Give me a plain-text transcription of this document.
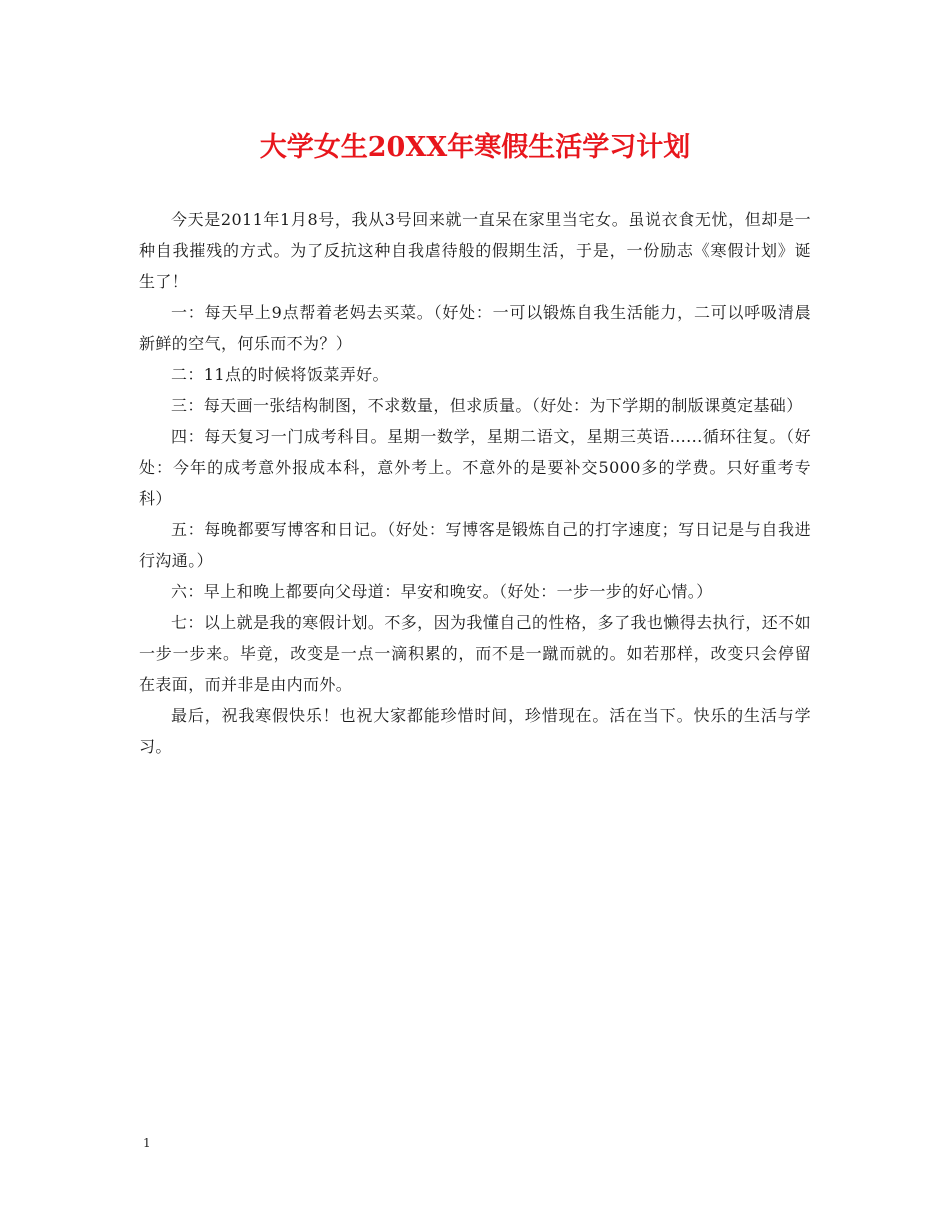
大学女生20XX年寒假生活学习计划

今天是2011年1月8号，我从3号回来就一直呆在家里当宅女。虽说衣食无忧，但却是一种自我摧残的方式。为了反抗这种自我虐待般的假期生活，于是，一份励志《寒假计划》诞生了！

一：每天早上9点帮着老妈去买菜。（好处：一可以锻炼自我生活能力，二可以呼吸清晨新鲜的空气，何乐而不为？）

二：11点的时候将饭菜弄好。

三：每天画一张结构制图，不求数量，但求质量。（好处：为下学期的制版课奠定基础）

四：每天复习一门成考科目。星期一数学，星期二语文，星期三英语......循环往复。（好处：今年的成考意外报成本科，意外考上。不意外的是要补交5000多的学费。只好重考专科）

五：每晚都要写博客和日记。（好处：写博客是锻炼自己的打字速度；写日记是与自我进行沟通。）

六：早上和晚上都要向父母道：早安和晚安。（好处：一步一步的好心情。）

七：以上就是我的寒假计划。不多，因为我懂自己的性格，多了我也懒得去执行，还不如一步一步来。毕竟，改变是一点一滴积累的，而不是一蹴而就的。如若那样，改变只会停留在表面，而并非是由内而外。

最后，祝我寒假快乐！也祝大家都能珍惜时间，珍惜现在。活在当下。快乐的生活与学习。

1
